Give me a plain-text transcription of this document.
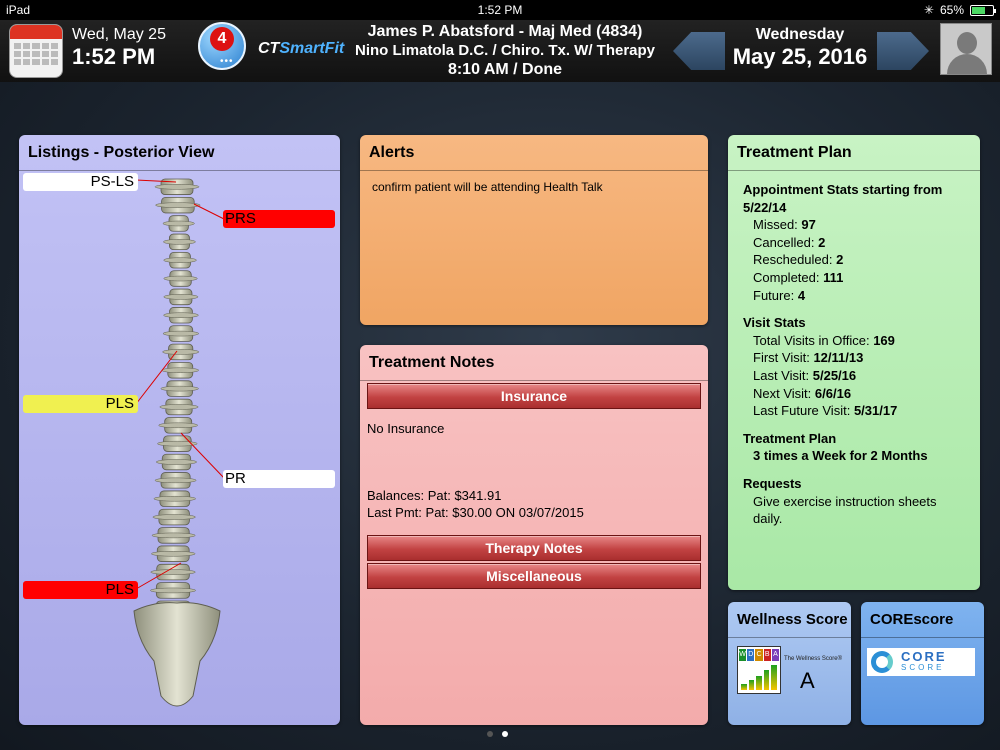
iPad	1:52 PM	✳ 65%
Wed, May 25
1:52 PM
4
•••
CTSmartFit
James P. Abatsford - Maj Med (4834)
Nino Limatola D.C. / Chiro. Tx. W/ Therapy
8:10 AM / Done
Wednesday
May 25, 2016
Listings - Posterior View
PS-LS
PRS
PLS
PR
PLS
Alerts
confirm patient will be attending Health Talk
Treatment Notes
Insurance
No Insurance
Balances: Pat: $341.91
Last Pmt: Pat: $30.00 ON 03/07/2015
Therapy Notes
Miscellaneous
Treatment Plan
Appointment Stats starting from 5/22/14
Missed: 97
Cancelled: 2
Rescheduled: 2
Completed: 111
Future: 4
Visit Stats
Total Visits in Office: 169
First Visit: 12/11/13
Last Visit: 5/25/16
Next Visit: 6/6/16
Last Future Visit: 5/31/17
Treatment Plan
3 times a Week for 2 Months
Requests
Give exercise instruction sheets daily.
Wellness Score
W D C B A
The Wellness Score®
A
COREscore
CORE
SCORE
